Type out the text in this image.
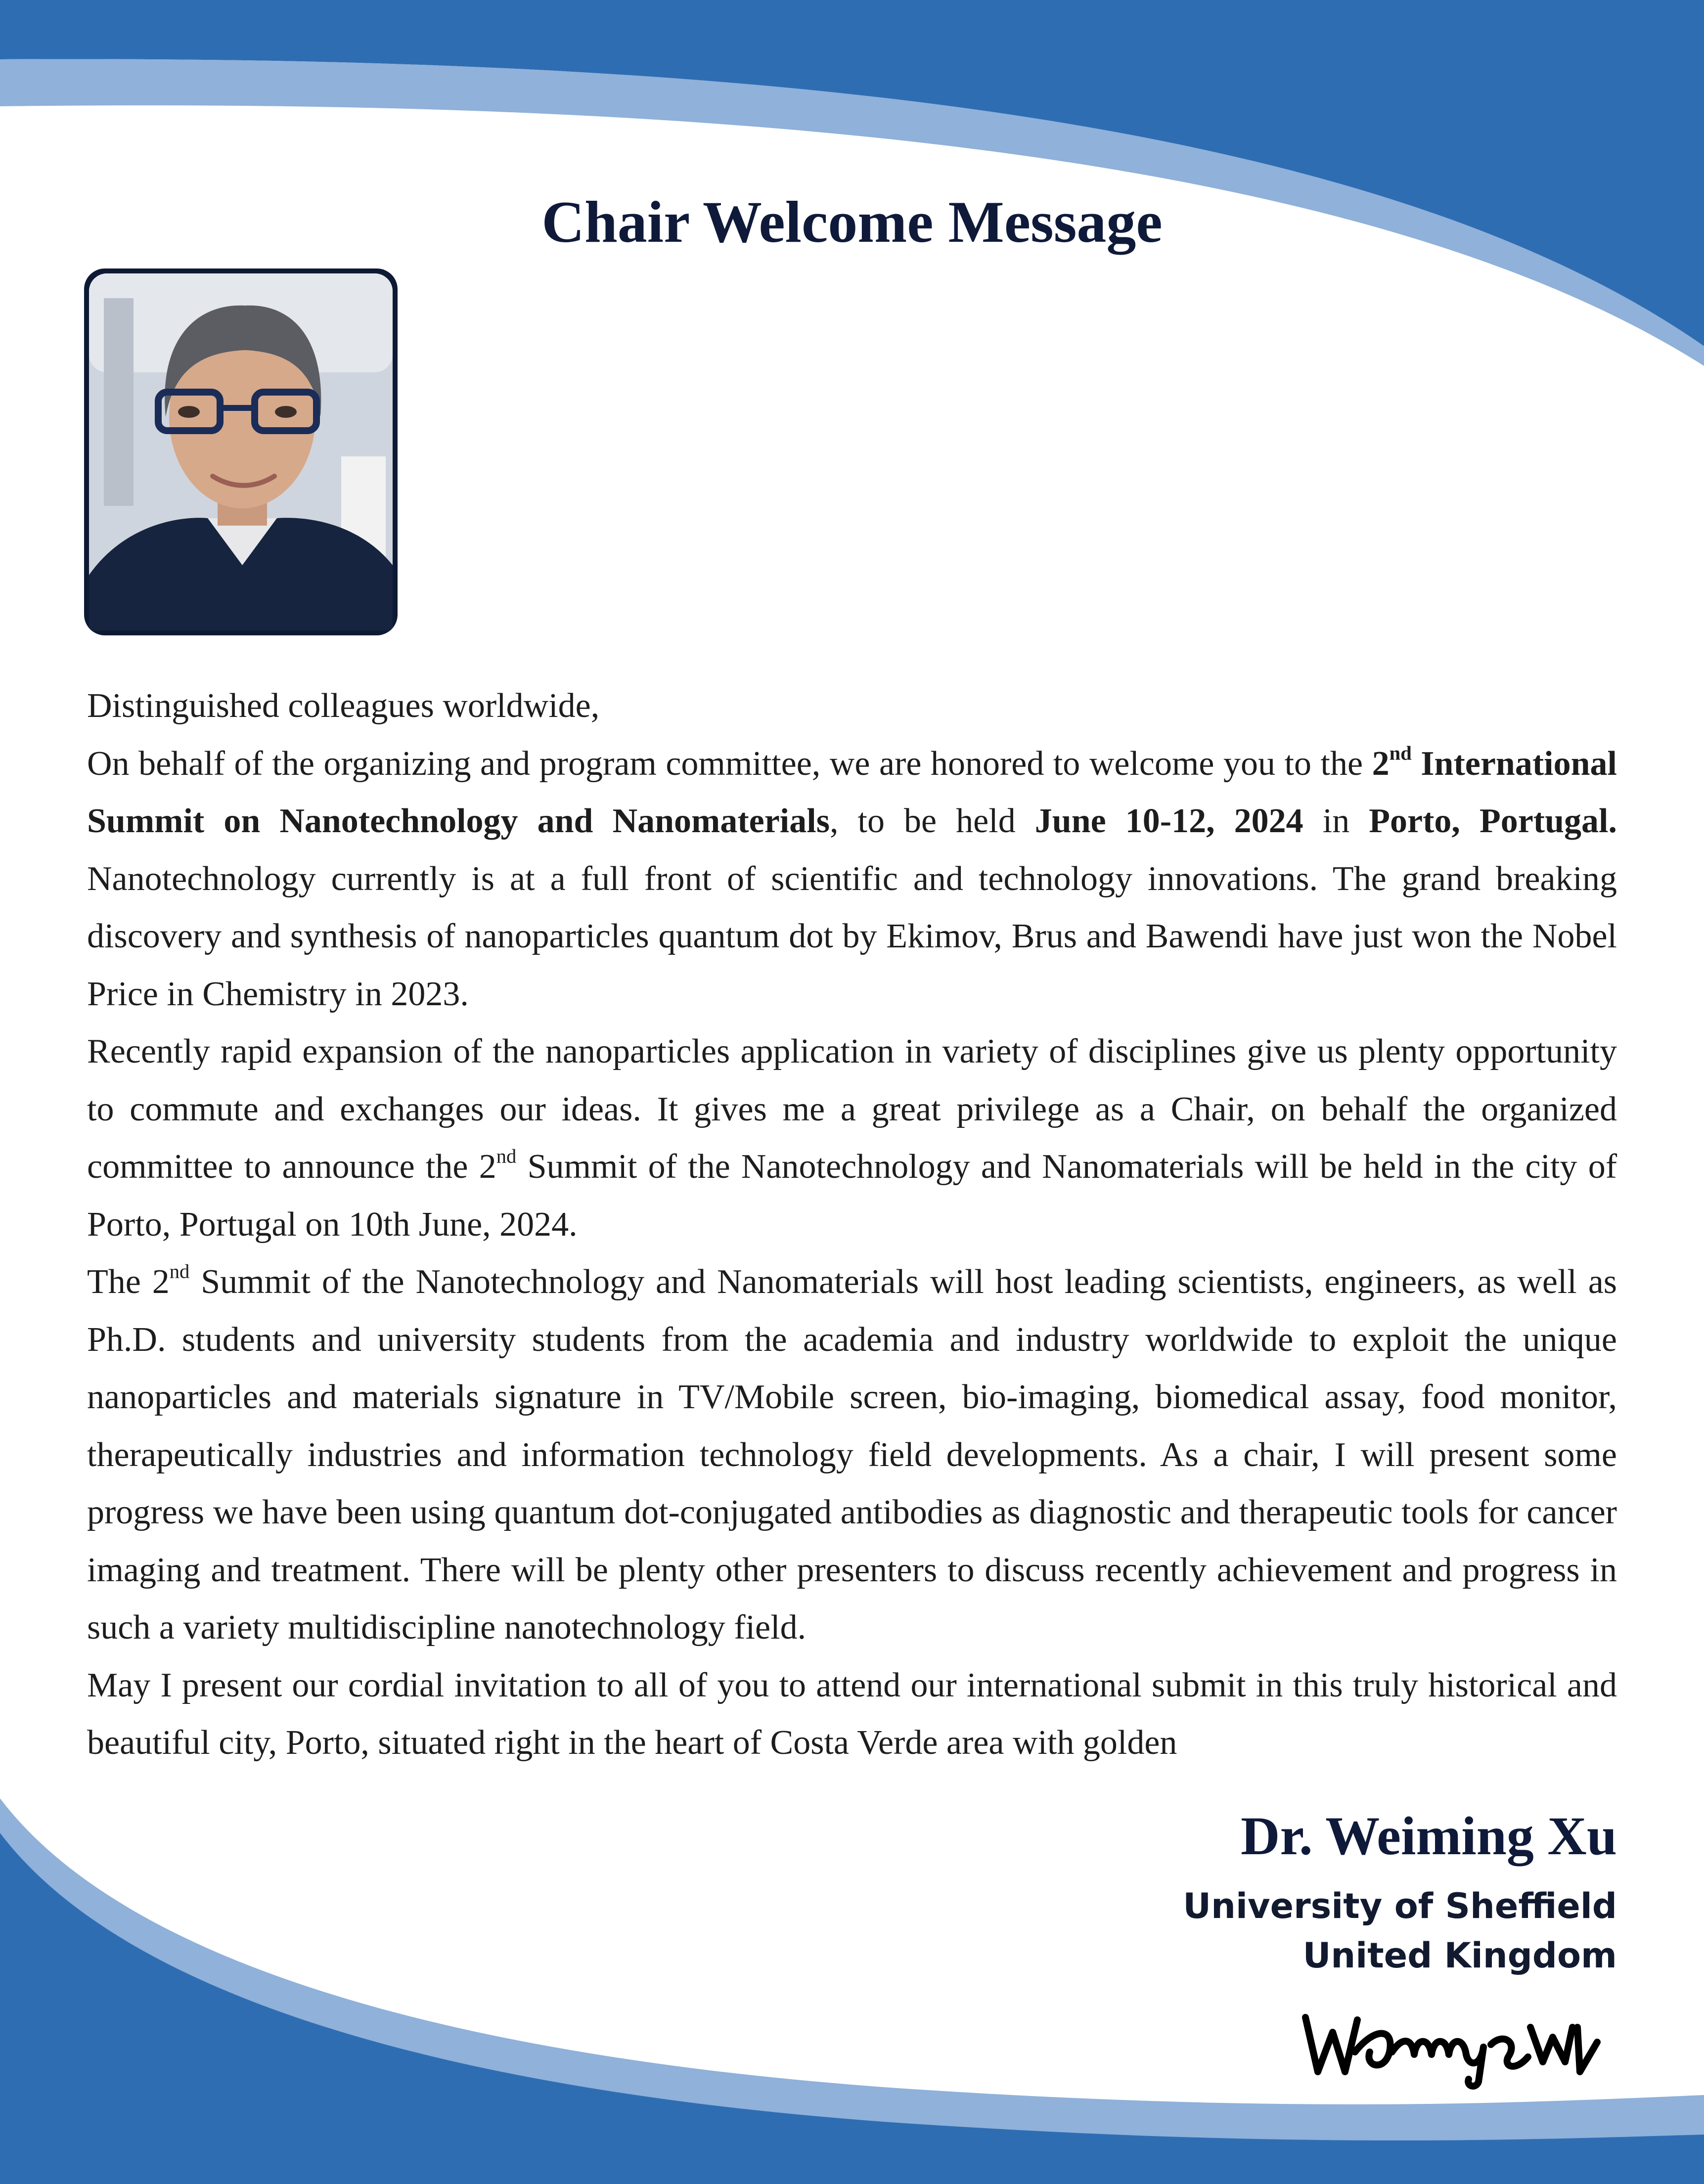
Chair Welcome Message

Distinguished colleagues worldwide,

On behalf of the organizing and program committee, we are honored to welcome you to the 2nd International Summit on Nanotechnology and Nanomaterials, to be held June 10-12, 2024 in Porto, Portugal. Nanotechnology currently is at a full front of scientific and technology innovations. The grand breaking discovery and synthesis of nanoparticles quantum dot by Ekimov, Brus and Bawendi have just won the Nobel Price in Chemistry in 2023.

Recently rapid expansion of the nanoparticles application in variety of disciplines give us plenty opportunity to commute and exchanges our ideas. It gives me a great privilege as a Chair, on behalf the organized committee to announce the 2nd Summit of the Nanotechnology and Nanomaterials will be held in the city of Porto, Portugal on 10th June, 2024.

The 2nd Summit of the Nanotechnology and Nanomaterials will host leading scientists, engineers, as well as Ph.D. students and university students from the academia and industry worldwide to exploit the unique nanoparticles and materials signature in TV/Mobile screen, bio-imaging, biomedical assay, food monitor, therapeutically industries and information technology field developments. As a chair, I will present some progress we have been using quantum dot-conjugated antibodies as diagnostic and therapeutic tools for cancer imaging and treatment. There will be plenty other presenters to discuss recently achievement and progress in such a variety multidiscipline nanotechnology field.

May I present our cordial invitation to all of you to attend our international submit in this truly historical and beautiful city, Porto, situated right in the heart of Costa Verde area with golden

Dr. Weiming Xu

University of Sheffield

United Kingdom
